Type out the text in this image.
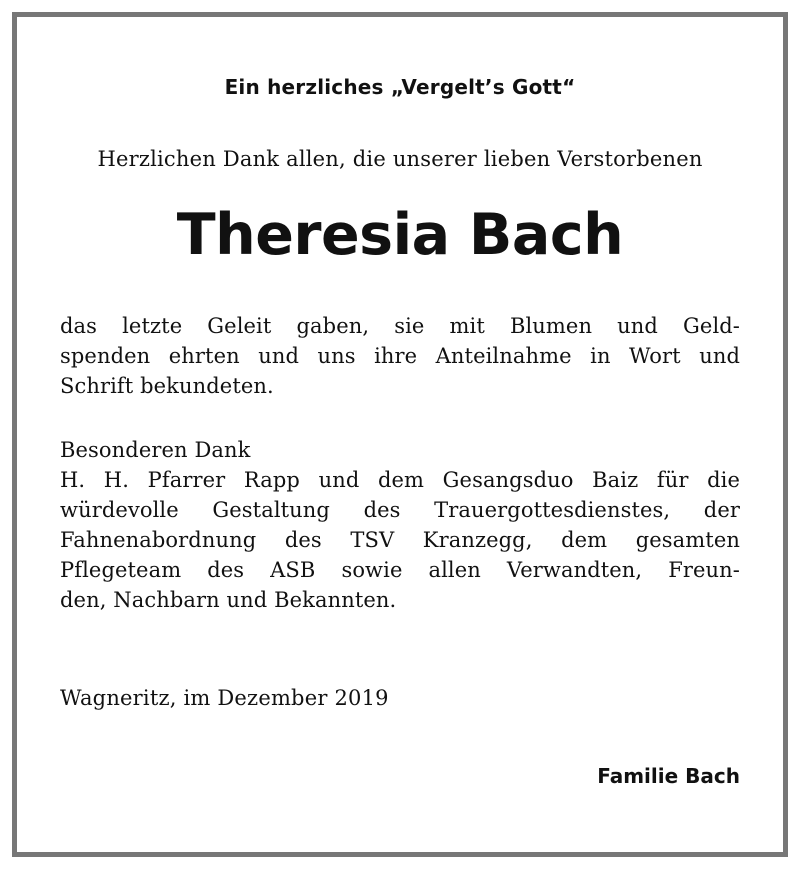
Ein herzliches „Vergelt’s Gott“
Herzlichen Dank allen, die unserer lieben Verstorbenen
Theresia Bach
das letzte Geleit gaben, sie mit Blumen und Geld-
spenden ehrten und uns ihre Anteilnahme in Wort und
Schrift bekundeten.
Besonderen Dank
H. H. Pfarrer Rapp und dem Gesangsduo Baiz für die
würdevolle Gestaltung des Trauergottesdienstes, der
Fahnenabordnung des TSV Kranzegg, dem gesamten
Pflegeteam des ASB sowie allen Verwandten, Freun-
den, Nachbarn und Bekannten.
Wagneritz, im Dezember 2019
Familie Bach
